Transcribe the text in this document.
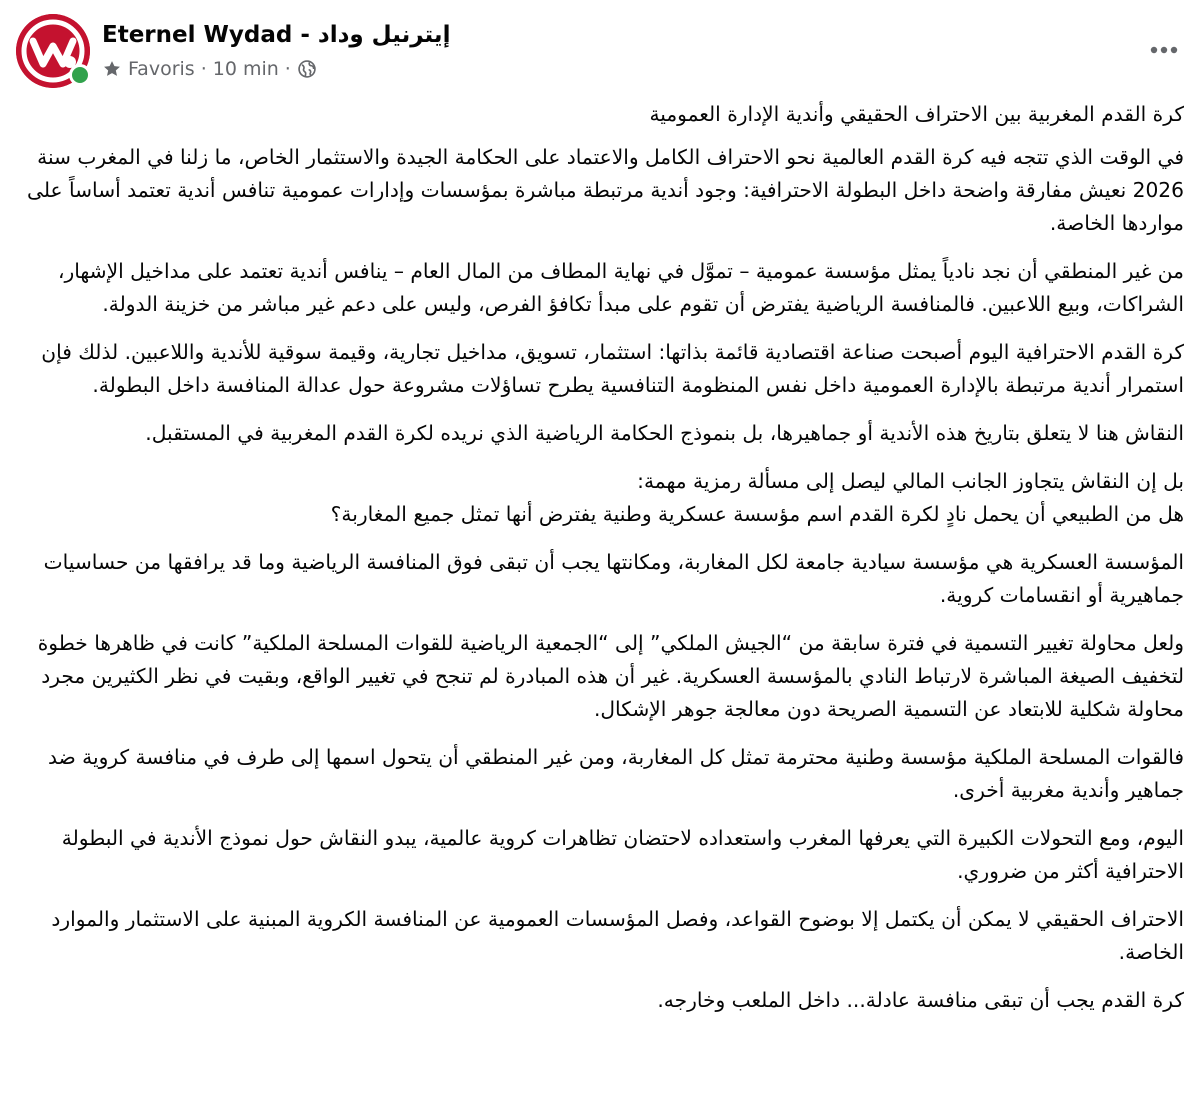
Eternel Wydad - إيترنيل وداد
Favoris · 10 min ·

كرة القدم المغربية بين الاحتراف الحقيقي وأندية الإدارة العمومية

في الوقت الذي تتجه فيه كرة القدم العالمية نحو الاحتراف الكامل والاعتماد على الحكامة الجيدة والاستثمار الخاص، ما زلنا في المغرب سنة 2026 نعيش مفارقة واضحة داخل البطولة الاحترافية: وجود أندية مرتبطة مباشرة بمؤسسات وإدارات عمومية تنافس أندية تعتمد أساساً على مواردها الخاصة.

من غير المنطقي أن نجد نادياً يمثل مؤسسة عمومية – تموَّل في نهاية المطاف من المال العام – ينافس أندية تعتمد على مداخيل الإشهار، الشراكات، وبيع اللاعبين. فالمنافسة الرياضية يفترض أن تقوم على مبدأ تكافؤ الفرص، وليس على دعم غير مباشر من خزينة الدولة.

كرة القدم الاحترافية اليوم أصبحت صناعة اقتصادية قائمة بذاتها: استثمار، تسويق، مداخيل تجارية، وقيمة سوقية للأندية واللاعبين. لذلك فإن استمرار أندية مرتبطة بالإدارة العمومية داخل نفس المنظومة التنافسية يطرح تساؤلات مشروعة حول عدالة المنافسة داخل البطولة.

النقاش هنا لا يتعلق بتاريخ هذه الأندية أو جماهيرها، بل بنموذج الحكامة الرياضية الذي نريده لكرة القدم المغربية في المستقبل.

بل إن النقاش يتجاوز الجانب المالي ليصل إلى مسألة رمزية مهمة:
هل من الطبيعي أن يحمل نادٍ لكرة القدم اسم مؤسسة عسكرية وطنية يفترض أنها تمثل جميع المغاربة؟

المؤسسة العسكرية هي مؤسسة سيادية جامعة لكل المغاربة، ومكانتها يجب أن تبقى فوق المنافسة الرياضية وما قد يرافقها من حساسيات جماهيرية أو انقسامات كروية.

ولعل محاولة تغيير التسمية في فترة سابقة من “الجيش الملكي” إلى “الجمعية الرياضية للقوات المسلحة الملكية” كانت في ظاهرها خطوة لتخفيف الصيغة المباشرة لارتباط النادي بالمؤسسة العسكرية. غير أن هذه المبادرة لم تنجح في تغيير الواقع، وبقيت في نظر الكثيرين مجرد محاولة شكلية للابتعاد عن التسمية الصريحة دون معالجة جوهر الإشكال.

فالقوات المسلحة الملكية مؤسسة وطنية محترمة تمثل كل المغاربة، ومن غير المنطقي أن يتحول اسمها إلى طرف في منافسة كروية ضد جماهير وأندية مغربية أخرى.

اليوم، ومع التحولات الكبيرة التي يعرفها المغرب واستعداده لاحتضان تظاهرات كروية عالمية، يبدو النقاش حول نموذج الأندية في البطولة الاحترافية أكثر من ضروري.

الاحتراف الحقيقي لا يمكن أن يكتمل إلا بوضوح القواعد، وفصل المؤسسات العمومية عن المنافسة الكروية المبنية على الاستثمار والموارد الخاصة.

كرة القدم يجب أن تبقى منافسة عادلة... داخل الملعب وخارجه.
